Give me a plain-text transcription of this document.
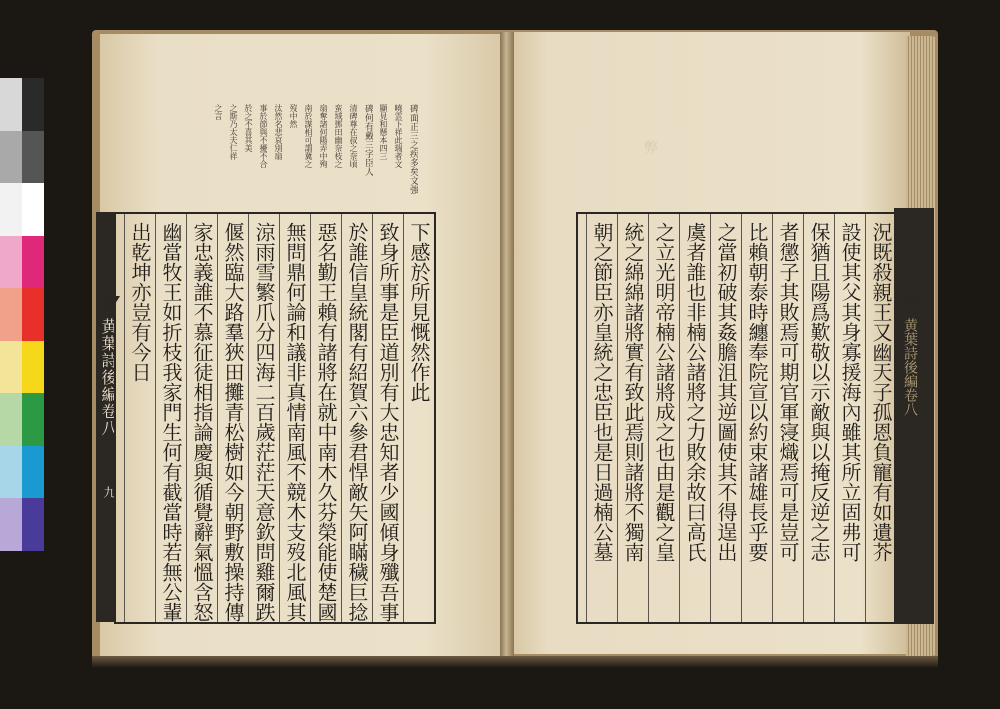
弊
碑面正三之疾多矣文強
曉雲下祥此瑞者文
顯見和懸本四三
碑何有戴三字臣人
清碑尊在叔之奈頃
蛮域鄧田幽奈枝之
扇奪諸何陽弄中殉
南於謀相可謂冀之
歿中然
汰然名悲哀別扇
事於節與不擾不合
於之不喜其美
之斯乃太夫仁祥
之言
黄葉詩後編卷八
九
下感於所見慨然作此
致身所事是臣道別有大忠知者少國傾身殲吾事
於誰信皇統閣有紹賀六參君悍敵矢阿瞞穢巨捻
惡名勤王賴有諸將在就中南木久芬榮能使楚國
無問鼎何論和議非真情南風不競木支歿北風其
涼雨雪繁爪分四海二百歲茫茫天意欽問雞爾跌
偃然臨大路羣狹田攤青松樹如今朝野敷操持傳
家忠義誰不慕征徒相指論慶與循覺辭氣慍含怒
幽當牧王如折枝我家門生何有截當時若無公輩
出乾坤亦豈有今日	況既殺親王又幽天子孤恩負寵有如遺芥
設使其父其身寡援海內雖其所立固弗可
保猶且陽爲歎敬以示敵與以掩反逆之志
者懲子其敗焉可期官軍寖熾焉可是豈可
比賴朝泰時纏奉院宣以約束諸雄長乎要
之當初破其姦膽沮其逆圖使其不得逞出
虞者誰也非楠公諸將之力敗余故曰高氏
之立光明帝楠公諸將成之也由是觀之皇
統之綿綿諸將實有致此焉則諸將不獨南
朝之節臣亦皇統之忠臣也是日過楠公墓	黄葉詩後編卷八
